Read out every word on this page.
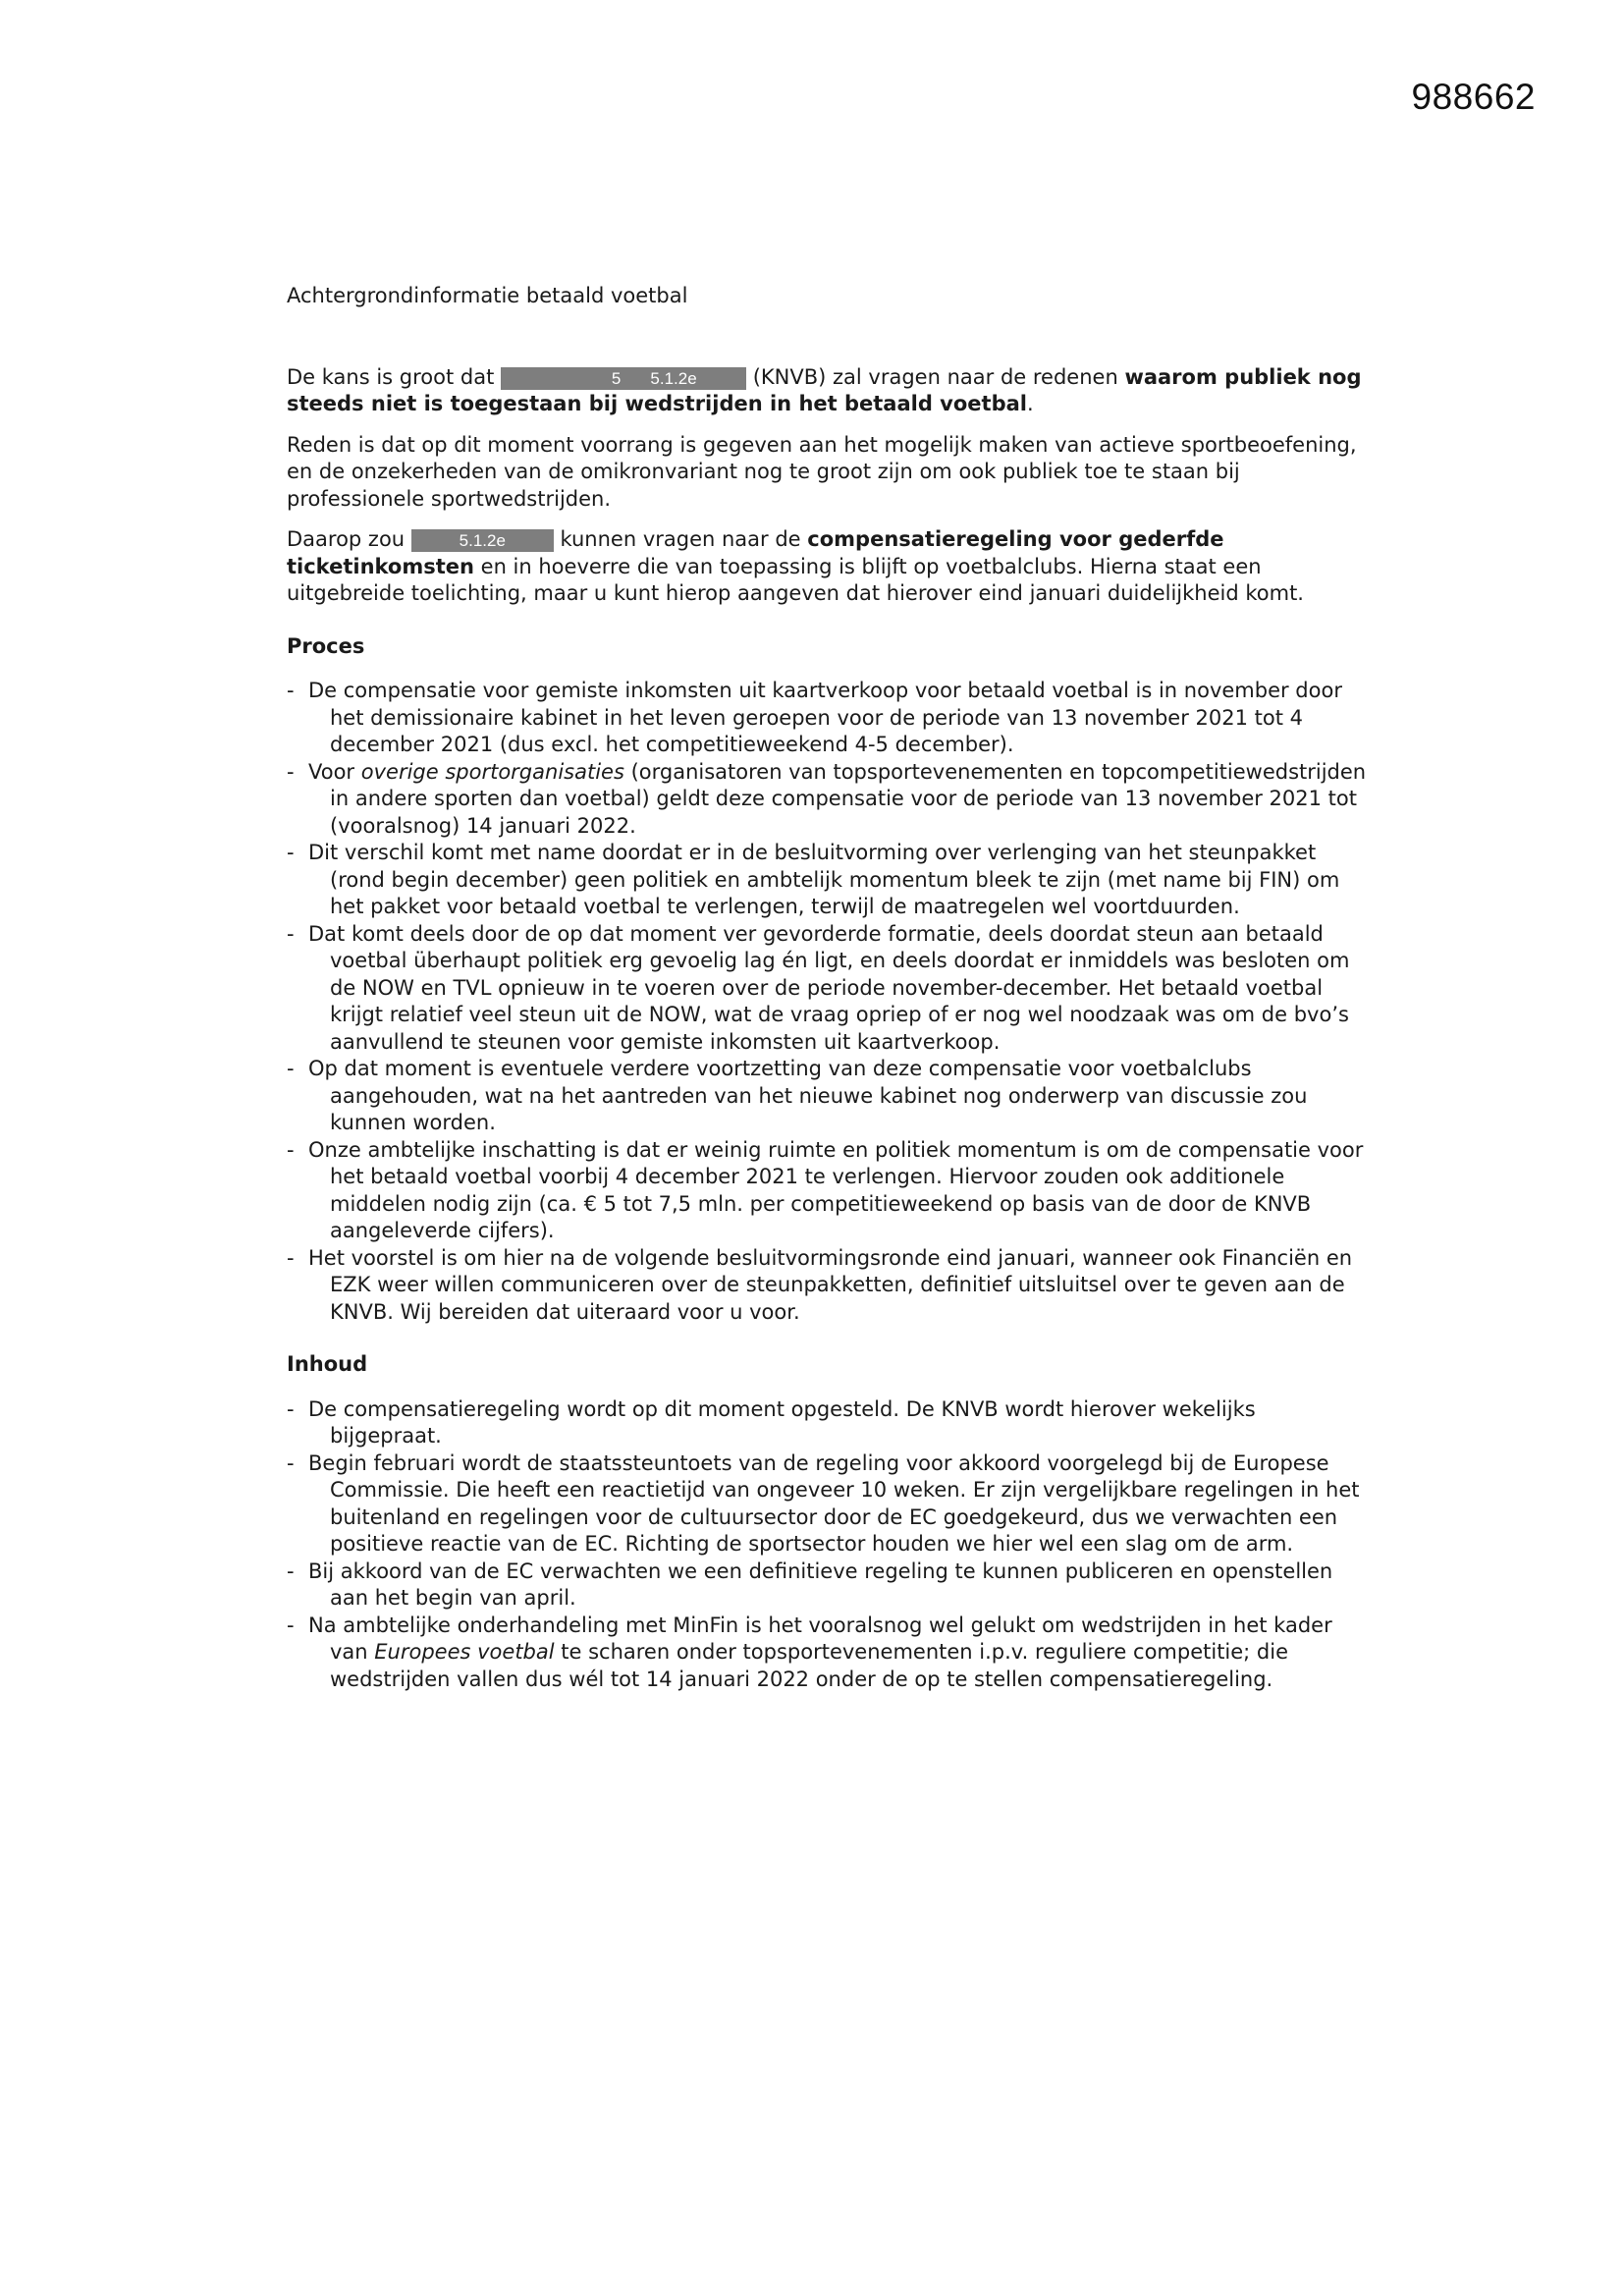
988662
Achtergrondinformatie betaald voetbal

De kans is groot dat	5 5.1.2e (KNVB) zal vragen naar de redenen waarom publiek nog steeds niet is toegestaan bij wedstrijden in het betaald voetbal.

Reden is dat op dit moment voorrang is gegeven aan het mogelijk maken van actieve sportbeoefening, en de onzekerheden van de omikronvariant nog te groot zijn om ook publiek toe te staan bij professionele sportwedstrijden.

Daarop zou	5.1.2e kunnen vragen naar de compensatieregeling voor gederfde ticketinkomsten en in hoeverre die van toepassing is blijft op voetbalclubs. Hierna staat een uitgebreide toelichting, maar u kunt hierop aangeven dat hierover eind januari duidelijkheid komt.

Proces
- De compensatie voor gemiste inkomsten uit kaartverkoop voor betaald voetbal is in november door het demissionaire kabinet in het leven geroepen voor de periode van 13 november 2021 tot 4 december 2021 (dus excl. het competitieweekend 4-5 december).
- Voor overige sportorganisaties (organisatoren van topsportevenementen en topcompetitiewedstrijden in andere sporten dan voetbal) geldt deze compensatie voor de periode van 13 november 2021 tot (vooralsnog) 14 januari 2022.
- Dit verschil komt met name doordat er in de besluitvorming over verlenging van het steunpakket (rond begin december) geen politiek en ambtelijk momentum bleek te zijn (met name bij FIN) om het pakket voor betaald voetbal te verlengen, terwijl de maatregelen wel voortduurden.
- Dat komt deels door de op dat moment ver gevorderde formatie, deels doordat steun aan betaald voetbal überhaupt politiek erg gevoelig lag én ligt, en deels doordat er inmiddels was besloten om de NOW en TVL opnieuw in te voeren over de periode november-december. Het betaald voetbal krijgt relatief veel steun uit de NOW, wat de vraag opriep of er nog wel noodzaak was om de bvo’s aanvullend te steunen voor gemiste inkomsten uit kaartverkoop.
- Op dat moment is eventuele verdere voortzetting van deze compensatie voor voetbalclubs aangehouden, wat na het aantreden van het nieuwe kabinet nog onderwerp van discussie zou kunnen worden.
- Onze ambtelijke inschatting is dat er weinig ruimte en politiek momentum is om de compensatie voor het betaald voetbal voorbij 4 december 2021 te verlengen. Hiervoor zouden ook additionele middelen nodig zijn (ca. € 5 tot 7,5 mln. per competitieweekend op basis van de door de KNVB aangeleverde cijfers).
- Het voorstel is om hier na de volgende besluitvormingsronde eind januari, wanneer ook Financiën en EZK weer willen communiceren over de steunpakketten, definitief uitsluitsel over te geven aan de KNVB. Wij bereiden dat uiteraard voor u voor.
Inhoud
- De compensatieregeling wordt op dit moment opgesteld. De KNVB wordt hierover wekelijks bijgepraat.
- Begin februari wordt de staatssteuntoets van de regeling voor akkoord voorgelegd bij de Europese Commissie. Die heeft een reactietijd van ongeveer 10 weken. Er zijn vergelijkbare regelingen in het buitenland en regelingen voor de cultuursector door de EC goedgekeurd, dus we verwachten een positieve reactie van de EC. Richting de sportsector houden we hier wel een slag om de arm.
- Bij akkoord van de EC verwachten we een definitieve regeling te kunnen publiceren en openstellen aan het begin van april.
- Na ambtelijke onderhandeling met MinFin is het vooralsnog wel gelukt om wedstrijden in het kader van Europees voetbal te scharen onder topsportevenementen i.p.v. reguliere competitie; die wedstrijden vallen dus wél tot 14 januari 2022 onder de op te stellen compensatieregeling.
